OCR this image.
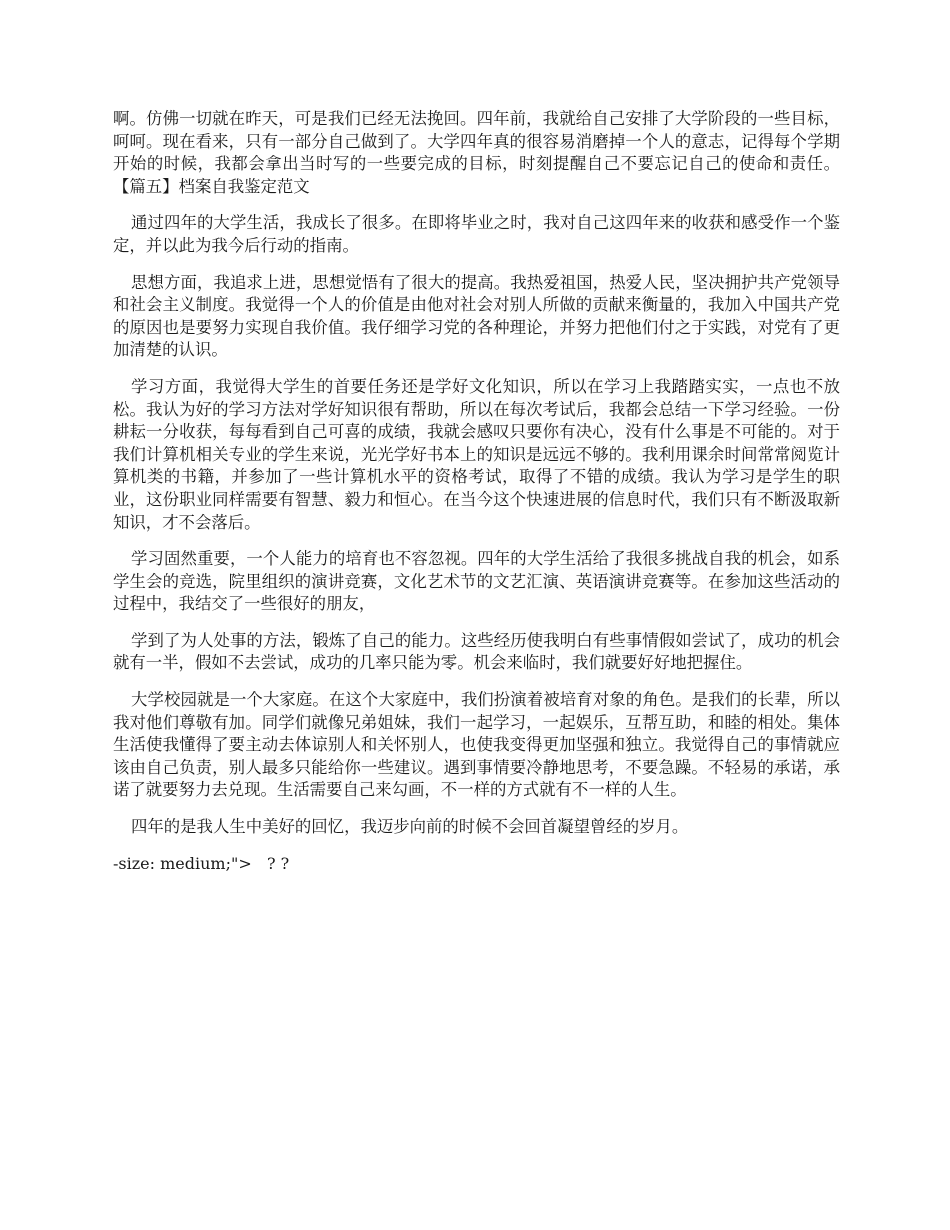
啊。仿佛一切就在昨天，可是我们已经无法挽回。四年前，我就给自己安排了大学阶段的一些目标，呵呵。现在看来，只有一部分自己做到了。大学四年真的很容易消磨掉一个人的意志，记得每个学期开始的时候，我都会拿出当时写的一些要完成的目标，时刻提醒自己不要忘记自己的使命和责任。【篇五】档案自我鉴定范文

通过四年的大学生活，我成长了很多。在即将毕业之时，我对自己这四年来的收获和感受作一个鉴定，并以此为我今后行动的指南。

思想方面，我追求上进，思想觉悟有了很大的提高。我热爱祖国，热爱人民，坚决拥护共产党领导和社会主义制度。我觉得一个人的价值是由他对社会对别人所做的贡献来衡量的，我加入中国共产党的原因也是要努力实现自我价值。我仔细学习党的各种理论，并努力把他们付之于实践，对党有了更加清楚的认识。

学习方面，我觉得大学生的首要任务还是学好文化知识，所以在学习上我踏踏实实，一点也不放松。我认为好的学习方法对学好知识很有帮助，所以在每次考试后，我都会总结一下学习经验。一份耕耘一分收获，每每看到自己可喜的成绩，我就会感叹只要你有决心，没有什么事是不可能的。对于我们计算机相关专业的学生来说，光光学好书本上的知识是远远不够的。我利用课余时间常常阅览计算机类的书籍，并参加了一些计算机水平的资格考试，取得了不错的成绩。我认为学习是学生的职业，这份职业同样需要有智慧、毅力和恒心。在当今这个快速进展的信息时代，我们只有不断汲取新知识，才不会落后。

学习固然重要，一个人能力的培育也不容忽视。四年的大学生活给了我很多挑战自我的机会，如系学生会的竞选，院里组织的演讲竞赛，文化艺术节的文艺汇演、英语演讲竞赛等。在参加这些活动的过程中，我结交了一些很好的朋友，

学到了为人处事的方法，锻炼了自己的能力。这些经历使我明白有些事情假如尝试了，成功的机会就有一半，假如不去尝试，成功的几率只能为零。机会来临时，我们就要好好地把握住。

大学校园就是一个大家庭。在这个大家庭中，我们扮演着被培育对象的角色。是我们的长辈，所以我对他们尊敬有加。同学们就像兄弟姐妹，我们一起学习，一起娱乐，互帮互助，和睦的相处。集体生活使我懂得了要主动去体谅别人和关怀别人，也使我变得更加坚强和独立。我觉得自己的事情就应该由自己负责，别人最多只能给你一些建议。遇到事情要冷静地思考，不要急躁。不轻易的承诺，承诺了就要努力去兑现。生活需要自己来勾画，不一样的方式就有不一样的人生。

四年的是我人生中美好的回忆，我迈步向前的时候不会回首凝望曾经的岁月。

-size: medium;">   ? ?
